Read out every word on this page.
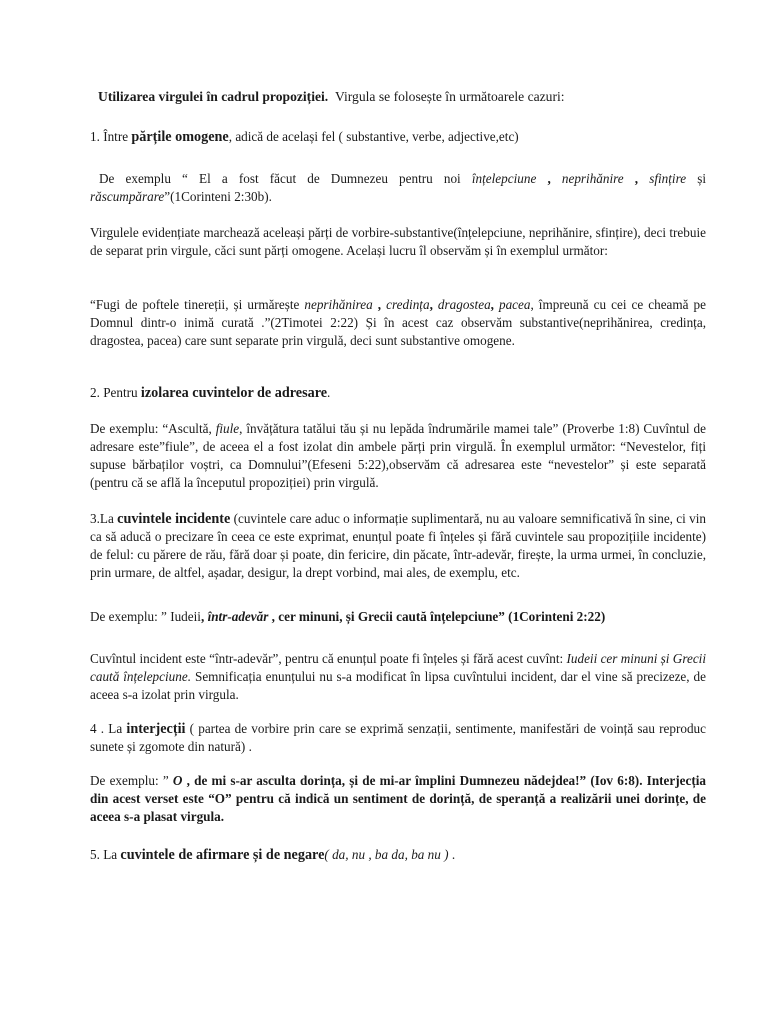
Utilizarea virgulei în cadrul propoziției. Virgula se folosește în următoarele cazuri:

1. Între părțile omogene, adică de același fel ( substantive, verbe, adjective,etc)

De exemplu “ El a fost făcut de Dumnezeu pentru noi înțelepciune , neprihănire , sfințire și răscumpărare”(1Corinteni 2:30b).

Virgulele evidențiate marchează aceleași părți de vorbire-substantive(înțelepciune, neprihănire, sfințire), deci trebuie de separat prin virgule, căci sunt părți omogene. Același lucru îl observăm și în exemplul următor:

“Fugi de poftele tinereții, și urmărește neprihănirea , credința, dragostea, pacea, împreună cu cei ce cheamă pe Domnul dintr-o inimă curată .”(2Timotei 2:22) Și în acest caz observăm substantive(neprihănirea, credința, dragostea, pacea) care sunt separate prin virgulă, deci sunt substantive omogene.

2. Pentru izolarea cuvintelor de adresare.

De exemplu: “Ascultă, fiule, învățătura tatălui tău și nu lepăda îndrumările mamei tale” (Proverbe 1:8) Cuvîntul de adresare este”fiule”, de aceea el a fost izolat din ambele părți prin virgulă. În exemplul următor: “Nevestelor, fiți supuse bărbaților voștri, ca Domnului”(Efeseni 5:22),observăm că adresarea este “nevestelor” și este separată (pentru că se află la începutul propoziției) prin virgulă.

3.La cuvintele incidente (cuvintele care aduc o informație suplimentară, nu au valoare semnificativă în sine, ci vin ca să aducă o precizare în ceea ce este exprimat, enunțul poate fi înțeles și fără cuvintele sau propozițiile incidente) de felul: cu părere de rău, fără doar și poate, din fericire, din păcate, într-adevăr, firește, la urma urmei, în concluzie, prin urmare, de altfel, așadar, desigur, la drept vorbind, mai ales, de exemplu, etc.

De exemplu: ” Iudeii, într-adevăr , cer minuni, și Grecii caută înțelepciune” (1Corinteni 2:22)

Cuvîntul incident este “într-adevăr”, pentru că enunțul poate fi înțeles și fără acest cuvînt: Iudeii cer minuni și Grecii caută înțelepciune. Semnificația enunțului nu s-a modificat în lipsa cuvîntului incident, dar el vine să precizeze, de aceea s-a izolat prin virgula.

4 . La interjecții ( partea de vorbire prin care se exprimă senzații, sentimente, manifestări de voință sau reproduc sunete și zgomote din natură) .

De exemplu: ” O , de mi s-ar asculta dorința, și de mi-ar împlini Dumnezeu nădejdea!” (Iov 6:8). Interjecția din acest verset este “O” pentru că indică un sentiment de dorință, de speranță a realizării unei dorințe, de aceea s-a plasat virgula.

5. La cuvintele de afirmare și de negare( da, nu , ba da, ba nu ) .
